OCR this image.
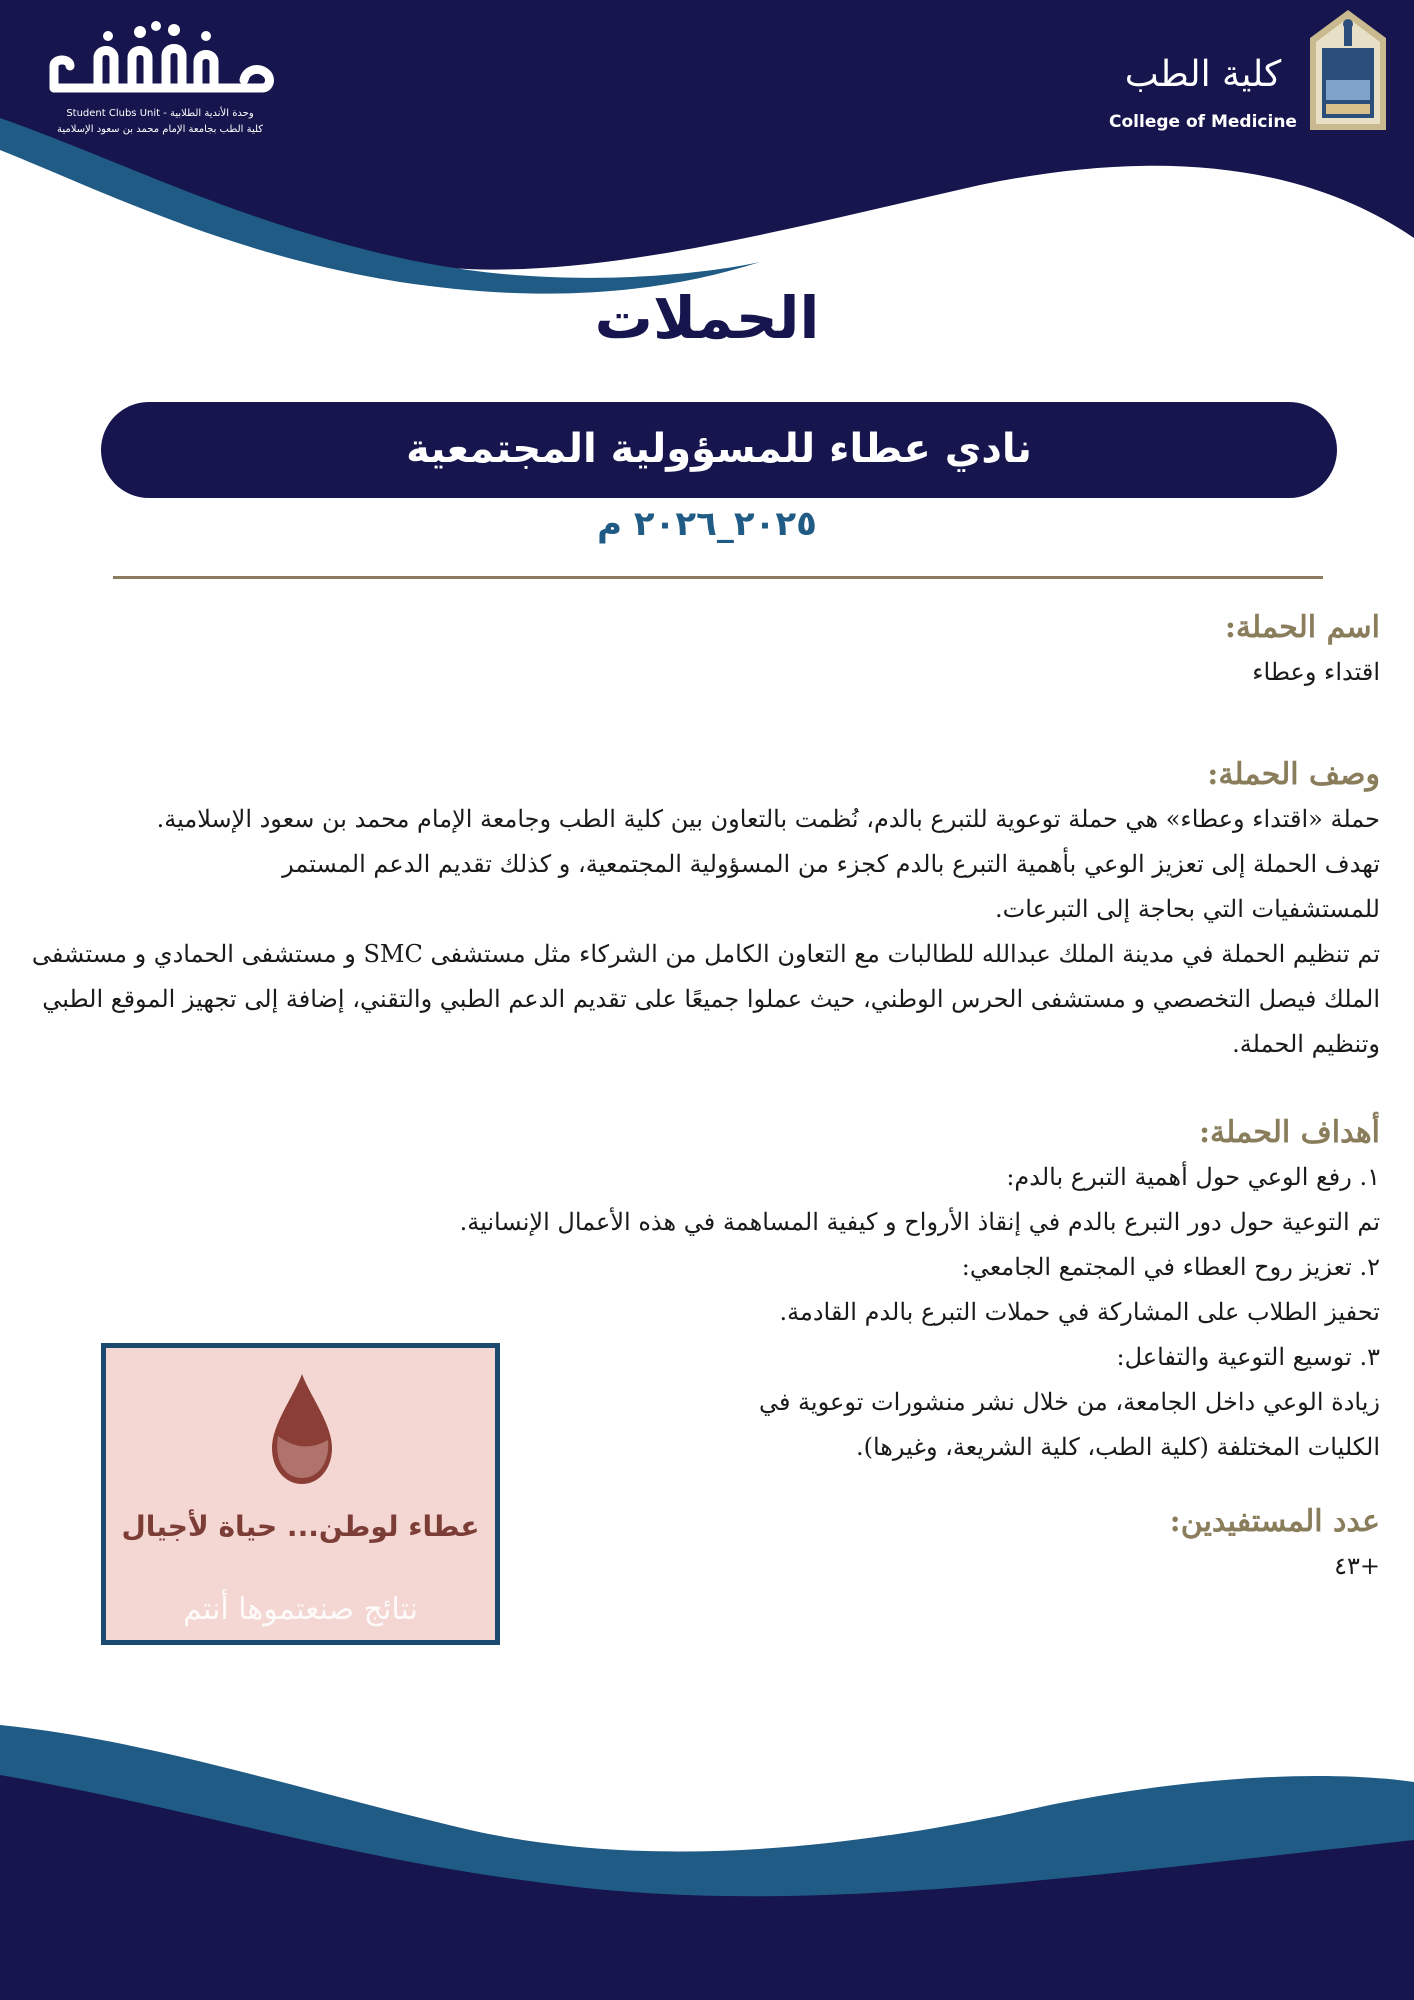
Student Clubs Unit - وحدة الأندية الطلابية
كلية الطب بجامعة الإمام محمد بن سعود الإسلامية
كلية الطب
College of Medicine
الحملات
نادي عطاء للمسؤولية المجتمعية
٢٠٢٥_٢٠٢٦ م

اسم الحملة:

اقتداء وعطاء

وصف الحملة:

حملة «اقتداء وعطاء» هي حملة توعوية للتبرع بالدم، نُظمت بالتعاون بين كلية الطب وجامعة الإمام محمد بن سعود الإسلامية.

تهدف الحملة إلى تعزيز الوعي بأهمية التبرع بالدم كجزء من المسؤولية المجتمعية، و كذلك تقديم الدعم المستمر للمستشفيات التي بحاجة إلى التبرعات.

تم تنظيم الحملة في مدينة الملك عبدالله للطالبات مع التعاون الكامل من الشركاء مثل مستشفى SMC و مستشفى الحمادي و مستشفى الملك فيصل التخصصي و مستشفى الحرس الوطني، حيث عملوا جميعًا على تقديم الدعم الطبي والتقني، إضافة إلى تجهيز الموقع الطبي وتنظيم الحملة.

أهداف الحملة:

١. رفع الوعي حول أهمية التبرع بالدم:

تم التوعية حول دور التبرع بالدم في إنقاذ الأرواح و كيفية المساهمة في هذه الأعمال الإنسانية.

٢. تعزيز روح العطاء في المجتمع الجامعي:

تحفيز الطلاب على المشاركة في حملات التبرع بالدم القادمة.

٣. توسيع التوعية والتفاعل:

زيادة الوعي داخل الجامعة، من خلال نشر منشورات توعوية في الكليات المختلفة (كلية الطب، كلية الشريعة، وغيرها).

عدد المستفيدين:

+٤٣

عطاء لوطن... حياة لأجيال
نتائج صنعتموها أنتم
